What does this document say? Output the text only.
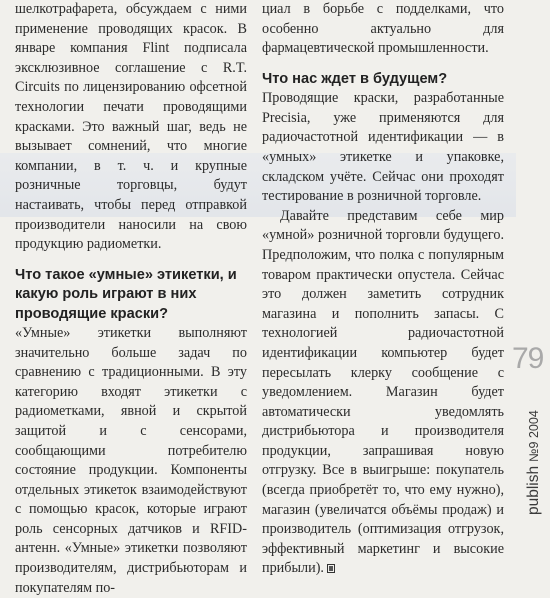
шелкотрафарета, обсуждаем с ними применение проводящих красок. В январе компания Flint подписала эксклюзивное соглашение с R.T. Circuits по лицензированию офсетной технологии печати проводящими красками. Это важный шаг, ведь не вызывает сомнений, что многие компании, в т. ч. и крупные розничные торговцы, будут настаивать, чтобы перед отправкой производители наносили на свою продукцию радиометки.

Что такое «умные» этикетки, и какую роль играют в них проводящие краски?

«Умные» этикетки выполняют значительно больше задач по сравнению с традиционными. В эту категорию входят этикетки с радиометками, явной и скрытой защитой и с сенсорами, сообщающими потребителю состояние продукции. Компоненты отдельных этикеток взаимодействуют с помощью красок, которые играют роль сенсорных датчиков и RFID-антенн. «Умные» этикетки позволяют производителям, дистрибьюторам и покупателям по-

циал в борьбе с подделками, что особенно актуально для фармацевтической промышленности.

Что нас ждет в будущем?

Проводящие краски, разработанные Precisia, уже применяются для радиочастотной идентификации — в «умных» этикетке и упаковке, складском учёте. Сейчас они проходят тестирование в розничной торговле.

Давайте представим себе мир «умной» розничной торговли будущего. Предположим, что полка с популярным товаром практически опустела. Сейчас это должен заметить сотрудник магазина и пополнить запасы. С технологией радиочастотной идентификации компьютер будет пересылать клерку сообщение с уведомлением. Магазин будет автоматически уведомлять дистрибьютора и производителя продукции, запрашивая новую отгрузку. Все в выигрыше: покупатель (всегда приобретёт то, что ему нужно), магазин (увеличатся объёмы продаж) и производитель (оптимизация отгрузок, эффективный маркетинг и высокие прибыли).

79
publish№9 2004
